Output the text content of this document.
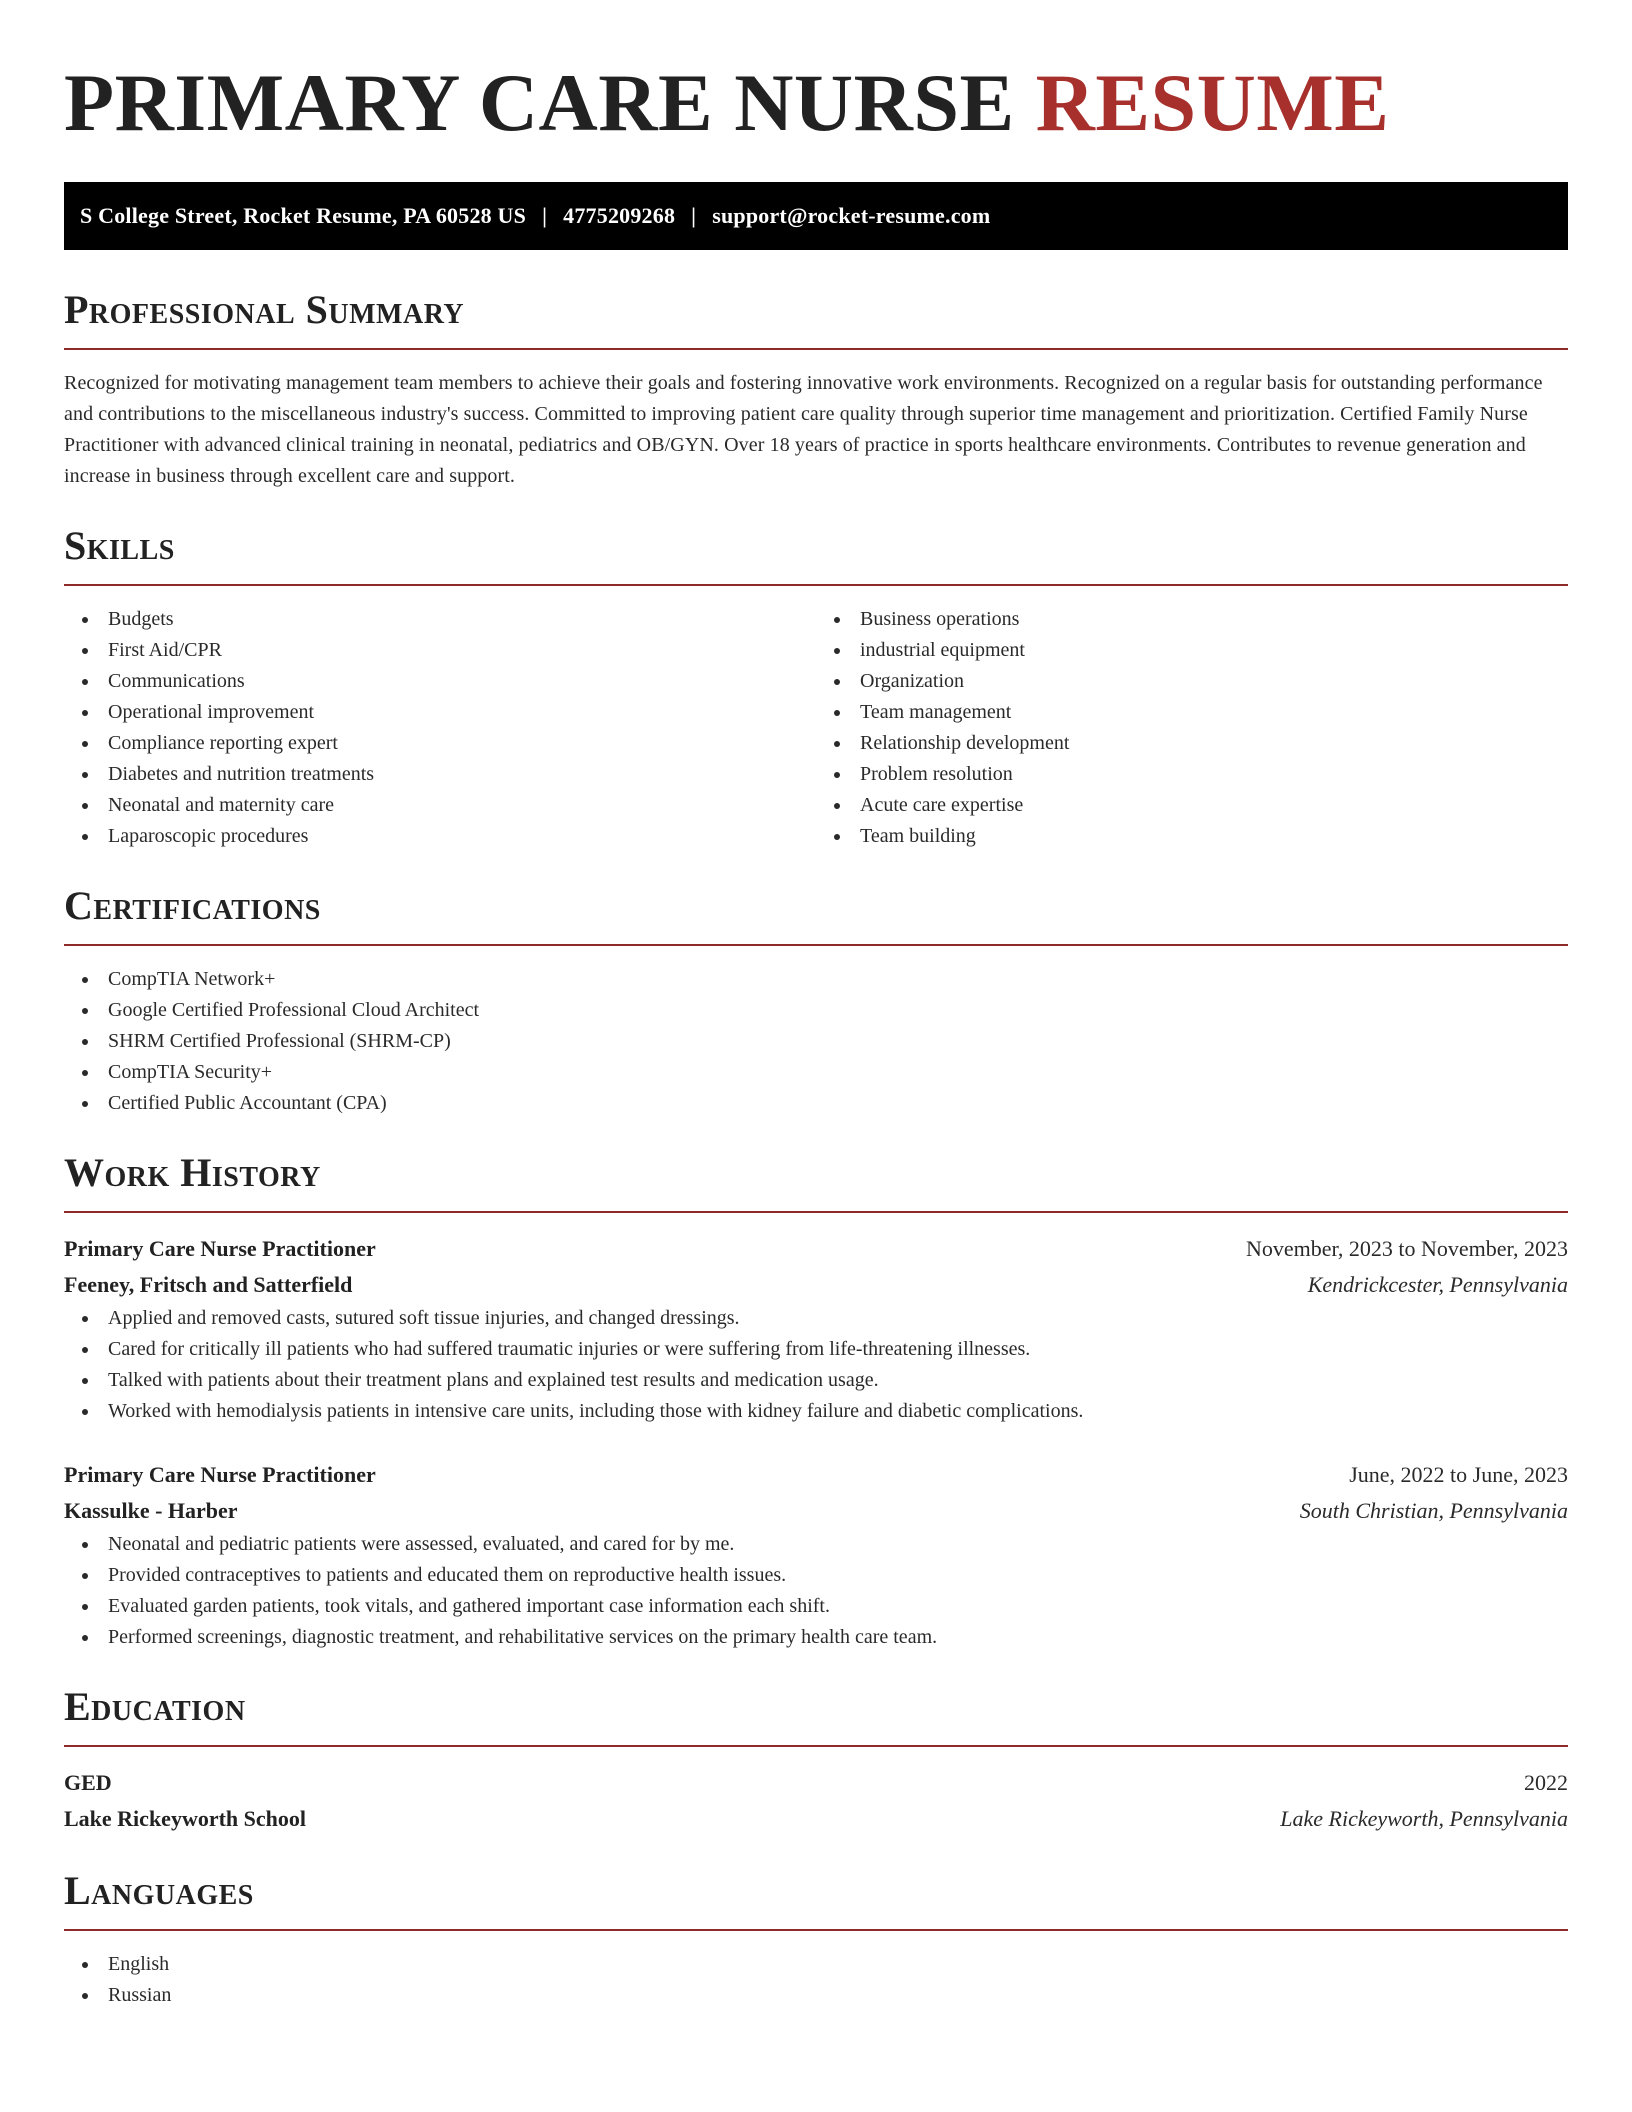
PRIMARY CARE NURSE RESUME
S College Street, Rocket Resume, PA 60528 US | 4775209268 | support@rocket-resume.com
Professional Summary

Recognized for motivating management team members to achieve their goals and fostering innovative work environments. Recognized on a regular basis for outstanding performance and contributions to the miscellaneous industry's success. Committed to improving patient care quality through superior time management and prioritization. Certified Family Nurse Practitioner with advanced clinical training in neonatal, pediatrics and OB/GYN. Over 18 years of practice in sports healthcare environments. Contributes to revenue generation and increase in business through excellent care and support.

Skills
Budgets
First Aid/CPR
Communications
Operational improvement
Compliance reporting expert
Diabetes and nutrition treatments
Neonatal and maternity care
Laparoscopic procedures
Business operations
industrial equipment
Organization
Team management
Relationship development
Problem resolution
Acute care expertise
Team building
Certifications
CompTIA Network+
Google Certified Professional Cloud Architect
SHRM Certified Professional (SHRM-CP)
CompTIA Security+
Certified Public Accountant (CPA)
Work History
Primary Care Nurse Practitioner	November, 2023 to November, 2023
Feeney, Fritsch and Satterfield	Kendrickcester, Pennsylvania
Applied and removed casts, sutured soft tissue injuries, and changed dressings.
Cared for critically ill patients who had suffered traumatic injuries or were suffering from life-threatening illnesses.
Talked with patients about their treatment plans and explained test results and medication usage.
Worked with hemodialysis patients in intensive care units, including those with kidney failure and diabetic complications.
Primary Care Nurse Practitioner	June, 2022 to June, 2023
Kassulke - Harber	South Christian, Pennsylvania
Neonatal and pediatric patients were assessed, evaluated, and cared for by me.
Provided contraceptives to patients and educated them on reproductive health issues.
Evaluated garden patients, took vitals, and gathered important case information each shift.
Performed screenings, diagnostic treatment, and rehabilitative services on the primary health care team.
Education
GED	2022
Lake Rickeyworth School	Lake Rickeyworth, Pennsylvania
Languages
English
Russian
